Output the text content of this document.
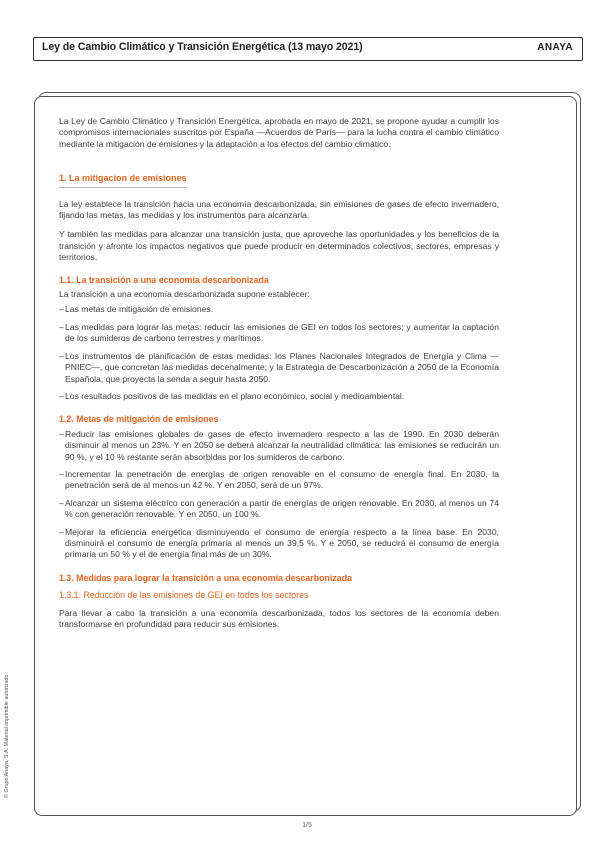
Ley de Cambio Climático y Transición Energética (13 mayo 2021)	ANAYA

La Ley de Cambio Climático y Transición Energética, aprobada en mayo de 2021, se propone ayudar a cumplir los compromisos internacionales suscritos por España —Acuerdos de París— para la lucha contra el cambio climático mediante la mitigación de emisiones y la adaptación a los efectos del cambio climático.

1. La mitigacion de emisiones

La ley establece la transición hacia una economía descarbonizada, sin emisiones de gases de efecto invernadero, fijando las metas, las medidas y los instrumentos para alcanzarla.

Y también las medidas para alcanzar una transición justa, que aproveche las oportunidades y los beneficios de la transición y afronte los impactos negativos que puede producir en determinados colectivos, sectores, empresas y territorios.

1.1. La transición a una economía descarbonizada

La transición a una economía descarbonizada supone establecer:

– Las metas de mitigación de emisiones.
– Las medidas para lograr las metas: reducir las emisiones de GEI en todos los sectores; y aumentar la captación de los sumideros de carbono terrestres y marítimos.
– Los instrumentos de planificación de estas medidas: los Planes Nacionales Integrados de Energía y Clima —PNIEC—, que concretan las medidas decenalmente; y la Estrategia de Descarbonización a 2050 de la Economía Española, que proyecta la senda a seguir hasta 2050.
– Los resultados positivos de las medidas en el plano económico, social y medioambiental.
1.2. Metas de mitigación de emisiones
– Reducir las emisiones globales de gases de efecto invernadero respecto a las de 1990. En 2030 deberán disminuir al menos un 23%. Y en 2050 se deberá alcanzar la neutralidad climática: las emisiones se reducirán un 90 %, y el 10 % restante serán absorbidas por los sumideros de carbono.
– Incrementar la penetración de energías de origen renovable en el consumo de energía final. En 2030, la penetración será de al menos un 42 %. Y en 2050, será de un 97%.
– Alcanzar un sistema eléctrico con generación a partir de energías de origen renovable. En 2030, al menos un 74 % con generación renovable. Y en 2050, un 100 %.
– Mejorar la eficiencia energética disminuyendo el consumo de energía respecto a la línea base. En 2030, disminuirá el consumo de energía primaria al menos un 39,5 %. Y e 2050, se reducirá el consumo de energía primaria un 50 % y el de energía final más de un 30%.
1.3. Medidas para lograr la transición a una economía descarbonizada
1.3.1. Reducción de las emisiones de GEI en todos los sectores

Para llevar a cabo la transición a una economía descarbonizada, todos los sectores de la economía deben transformarse en profundidad para reducir sus emisiones.

© Grupo Anaya, S.A. Material imprimible autorizado.
1/5
